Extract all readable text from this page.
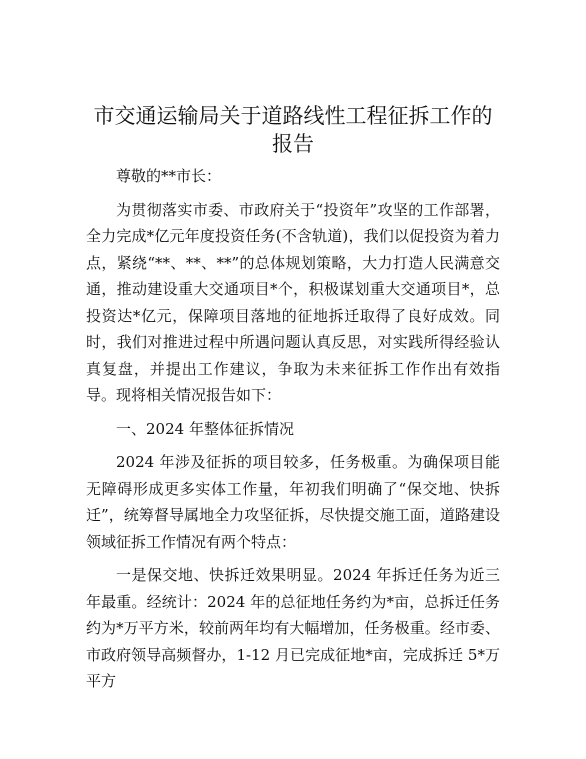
市交通运输局关于道路线性工程征拆工作的报告

尊敬的**市长：

为贯彻落实市委、市政府关于“投资年”攻坚的工作部署，全力完成*亿元年度投资任务(不含轨道)，我们以促投资为着力点，紧绕“**、**、**”的总体规划策略，大力打造人民满意交通，推动建设重大交通项目*个，积极谋划重大交通项目*，总投资达*亿元，保障项目落地的征地拆迁取得了良好成效。同时，我们对推进过程中所遇问题认真反思，对实践所得经验认真复盘，并提出工作建议，争取为未来征拆工作作出有效指导。现将相关情况报告如下：

一、2024 年整体征拆情况

2024 年涉及征拆的项目较多，任务极重。为确保项目能无障碍形成更多实体工作量，年初我们明确了“保交地、快拆迁”，统筹督导属地全力攻坚征拆，尽快提交施工面，道路建设领域征拆工作情况有两个特点：

一是保交地、快拆迁效果明显。2024 年拆迁任务为近三年最重。经统计：2024 年的总征地任务约为*亩，总拆迁任务约为*万平方米，较前两年均有大幅增加，任务极重。经市委、市政府领导高频督办，1-12 月已完成征地*亩，完成拆迁 5*万平方
